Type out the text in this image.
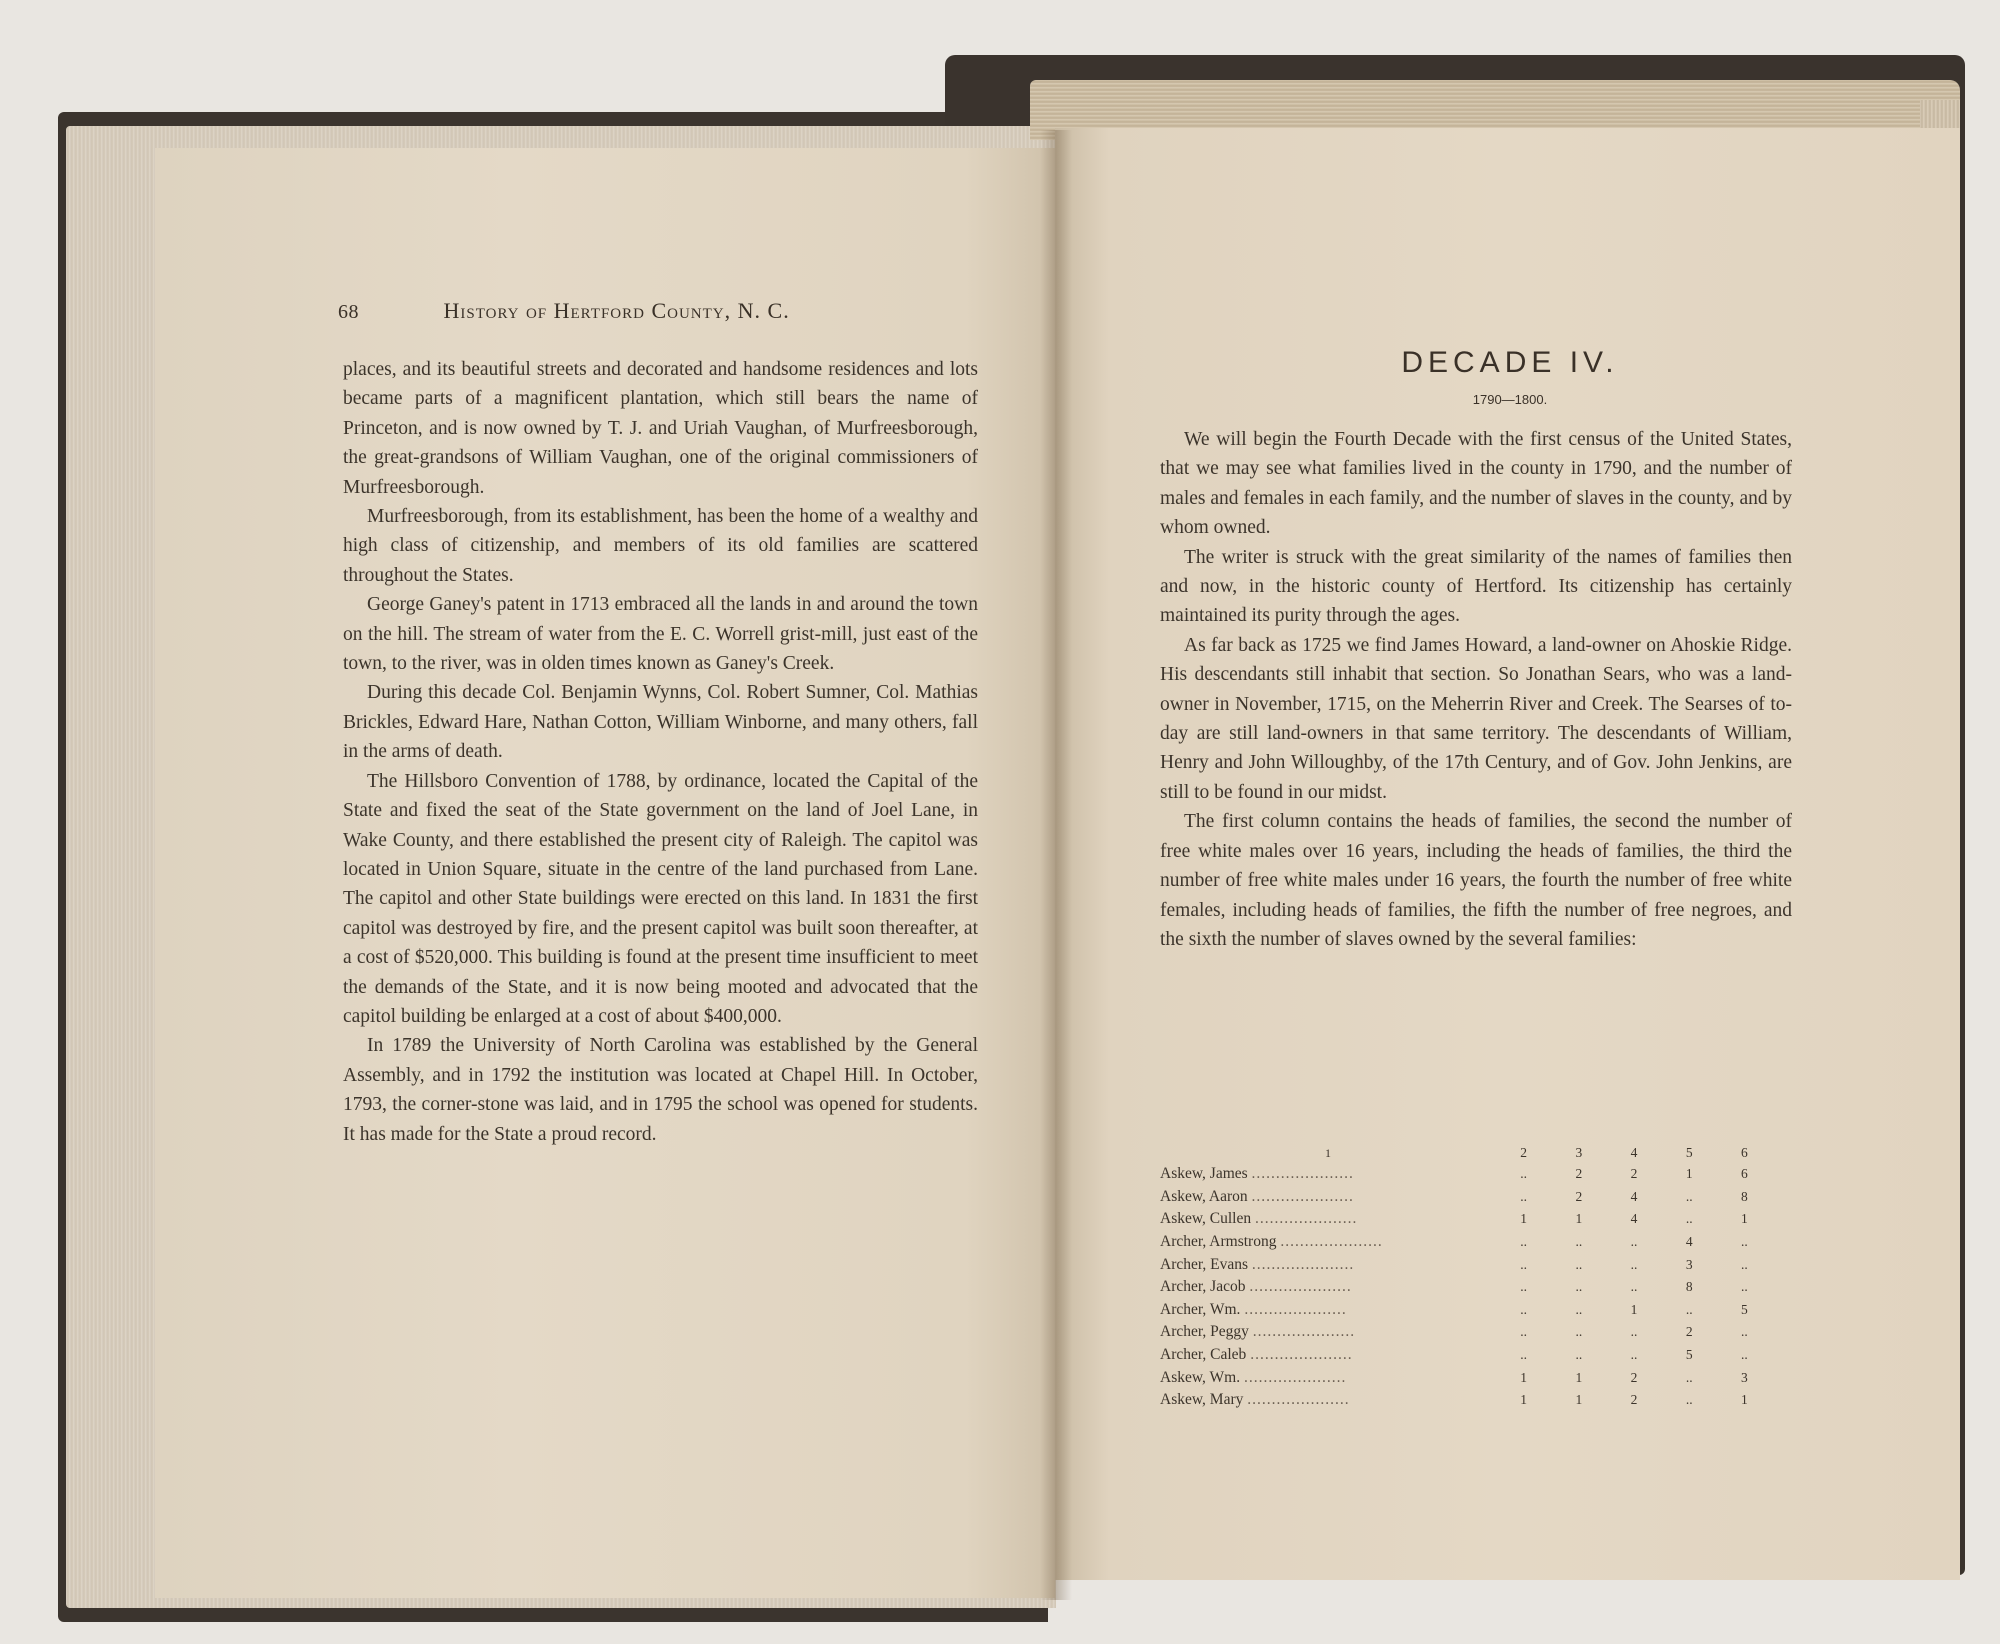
68	History of Hertford County, N. C.

places, and its beautiful streets and decorated and handsome residences and lots became parts of a magnificent plantation, which still bears the name of Princeton, and is now owned by T. J. and Uriah Vaughan, of Murfreesborough, the great-grandsons of William Vaughan, one of the original commissioners of Murfreesborough.

Murfreesborough, from its establishment, has been the home of a wealthy and high class of citizenship, and members of its old families are scattered throughout the States.

George Ganey's patent in 1713 embraced all the lands in and around the town on the hill. The stream of water from the E. C. Worrell grist-mill, just east of the town, to the river, was in olden times known as Ganey's Creek.

During this decade Col. Benjamin Wynns, Col. Robert Sumner, Col. Mathias Brickles, Edward Hare, Nathan Cotton, William Winborne, and many others, fall in the arms of death.

The Hillsboro Convention of 1788, by ordinance, located the Capital of the State and fixed the seat of the State government on the land of Joel Lane, in Wake County, and there established the present city of Raleigh. The capitol was located in Union Square, situate in the centre of the land purchased from Lane. The capitol and other State buildings were erected on this land. In 1831 the first capitol was destroyed by fire, and the present capitol was built soon thereafter, at a cost of $520,000. This building is found at the present time insufficient to meet the demands of the State, and it is now being mooted and advocated that the capitol building be enlarged at a cost of about $400,000.

In 1789 the University of North Carolina was established by the General Assembly, and in 1792 the institution was located at Chapel Hill. In October, 1793, the corner-stone was laid, and in 1795 the school was opened for students. It has made for the State a proud record.

DECADE IV.
1790—1800.

We will begin the Fourth Decade with the first census of the United States, that we may see what families lived in the county in 1790, and the number of males and females in each family, and the number of slaves in the county, and by whom owned.

The writer is struck with the great similarity of the names of families then and now, in the historic county of Hertford. Its citizenship has certainly maintained its purity through the ages.

As far back as 1725 we find James Howard, a land-owner on Ahoskie Ridge. His descendants still inhabit that section. So Jonathan Sears, who was a land-owner in November, 1715, on the Meherrin River and Creek. The Searses of to-day are still land-owners in that same territory. The descendants of William, Henry and John Willoughby, of the 17th Century, and of Gov. John Jenkins, are still to be found in our midst.

The first column contains the heads of families, the second the number of free white males over 16 years, including the heads of families, the third the number of free white males under 16 years, the fourth the number of free white females, including heads of families, the fifth the number of free negroes, and the sixth the number of slaves owned by the several families:

1	2	3	4	5	6
Askew, James .....................	..	2	2	1	6
Askew, Aaron .....................	..	2	4	..	8
Askew, Cullen .....................	1	1	4	..	1
Archer, Armstrong .....................	..	..	..	4	..
Archer, Evans .....................	..	..	..	3	..
Archer, Jacob .....................	..	..	..	8	..
Archer, Wm. .....................	..	..	1	..	5
Archer, Peggy .....................	..	..	..	2	..
Archer, Caleb .....................	..	..	..	5	..
Askew, Wm. .....................	1	1	2	..	3
Askew, Mary .....................	1	1	2	..	1
